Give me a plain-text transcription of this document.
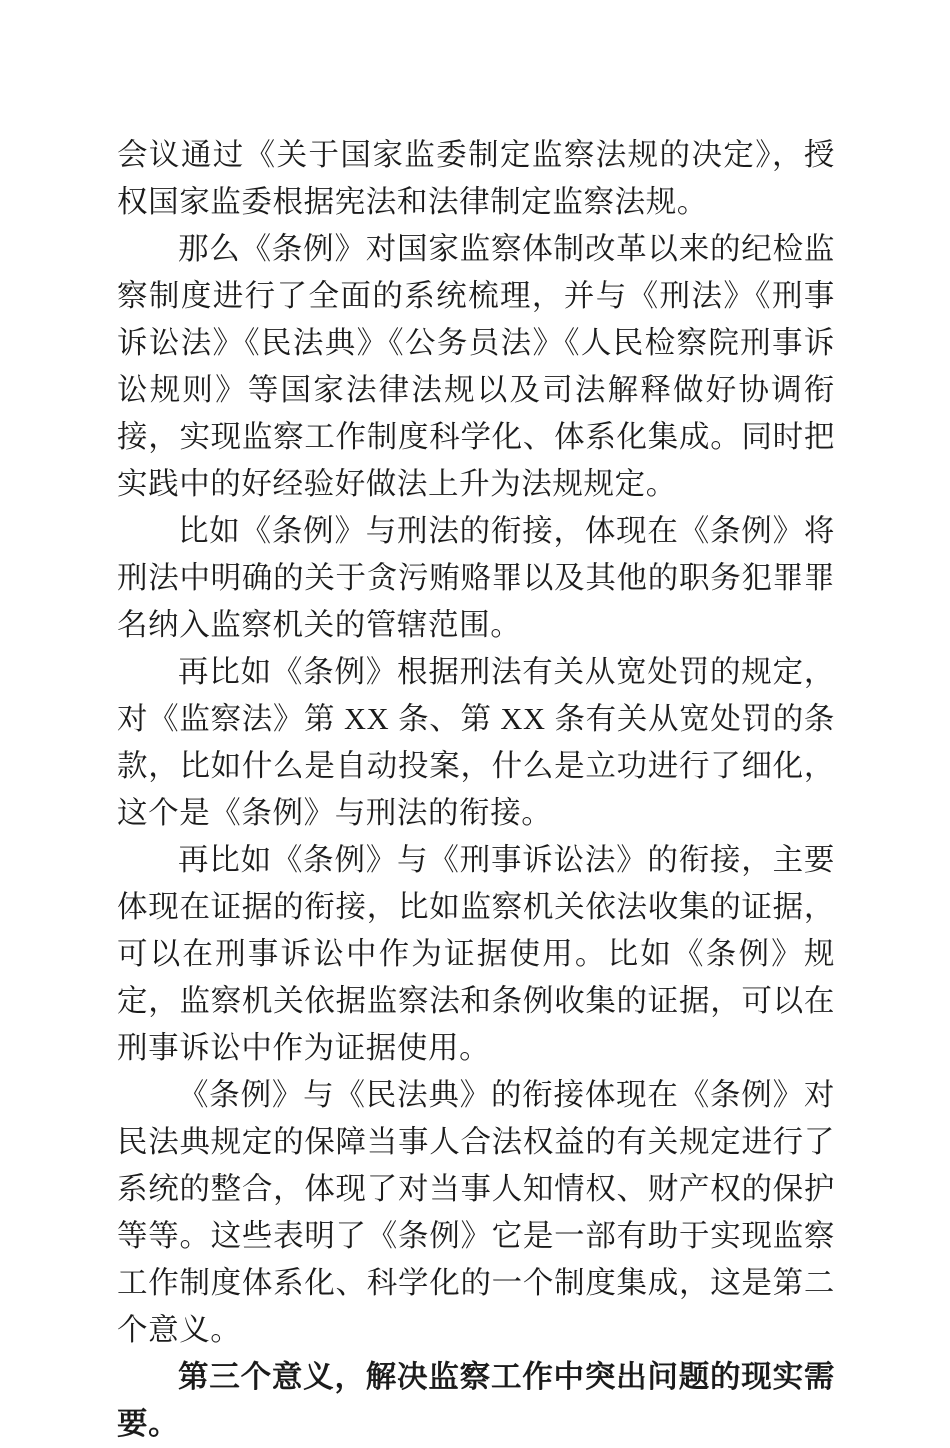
会议通过《关于国家监委制定监察法规的决定》，授权国家监委根据宪法和法律制定监察法规。

那么《条例》对国家监察体制改革以来的纪检监察制度进行了全面的系统梳理，并与《刑法》《刑事诉讼法》《民法典》《公务员法》《人民检察院刑事诉讼规则》等国家法律法规以及司法解释做好协调衔接，实现监察工作制度科学化、体系化集成。同时把实践中的好经验好做法上升为法规规定。

比如《条例》与刑法的衔接，体现在《条例》将刑法中明确的关于贪污贿赂罪以及其他的职务犯罪罪名纳入监察机关的管辖范围。

再比如《条例》根据刑法有关从宽处罚的规定，对《监察法》第 XX 条、第 XX 条有关从宽处罚的条款，比如什么是自动投案，什么是立功进行了细化，这个是《条例》与刑法的衔接。

再比如《条例》与《刑事诉讼法》的衔接，主要体现在证据的衔接，比如监察机关依法收集的证据，可以在刑事诉讼中作为证据使用。比如《条例》规定，监察机关依据监察法和条例收集的证据，可以在刑事诉讼中作为证据使用。

《条例》与《民法典》的衔接体现在《条例》对民法典规定的保障当事人合法权益的有关规定进行了系统的整合，体现了对当事人知情权、财产权的保护等等。这些表明了《条例》它是一部有助于实现监察工作制度体系化、科学化的一个制度集成，这是第二个意义。

第三个意义，解决监察工作中突出问题的现实需要。
